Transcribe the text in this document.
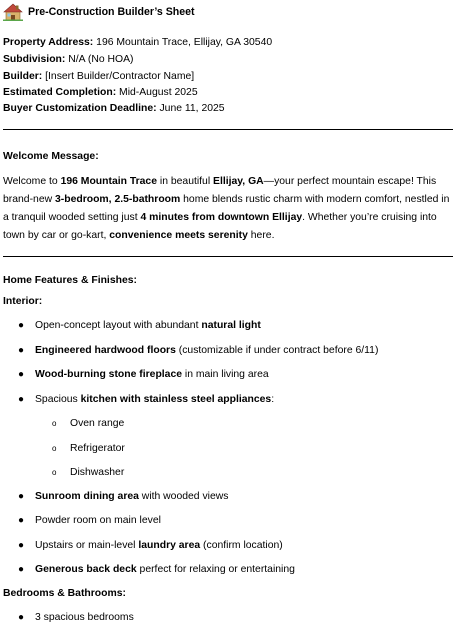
Pre-Construction Builder’s Sheet
Property Address: 196 Mountain Trace, Ellijay, GA 30540
Subdivision: N/A (No HOA)
Builder: [Insert Builder/Contractor Name]
Estimated Completion: Mid-August 2025
Buyer Customization Deadline: June 11, 2025
Welcome Message:
Welcome to 196 Mountain Trace in beautiful Ellijay, GA—your perfect mountain escape! This brand-new 3-bedroom, 2.5-bathroom home blends rustic charm with modern comfort, nestled in a tranquil wooded setting just 4 minutes from downtown Ellijay. Whether you’re cruising into town by car or go-kart, convenience meets serenity here.
Home Features & Finishes:
Interior:
● Open-concept layout with abundant natural light
● Engineered hardwood floors (customizable if under contract before 6/11)
● Wood-burning stone fireplace in main living area
● Spacious kitchen with stainless steel appliances:
o Oven range
o Refrigerator
o Dishwasher
● Sunroom dining area with wooded views
● Powder room on main level
● Upstairs or main-level laundry area (confirm location)
● Generous back deck perfect for relaxing or entertaining
Bedrooms & Bathrooms:
● 3 spacious bedrooms
